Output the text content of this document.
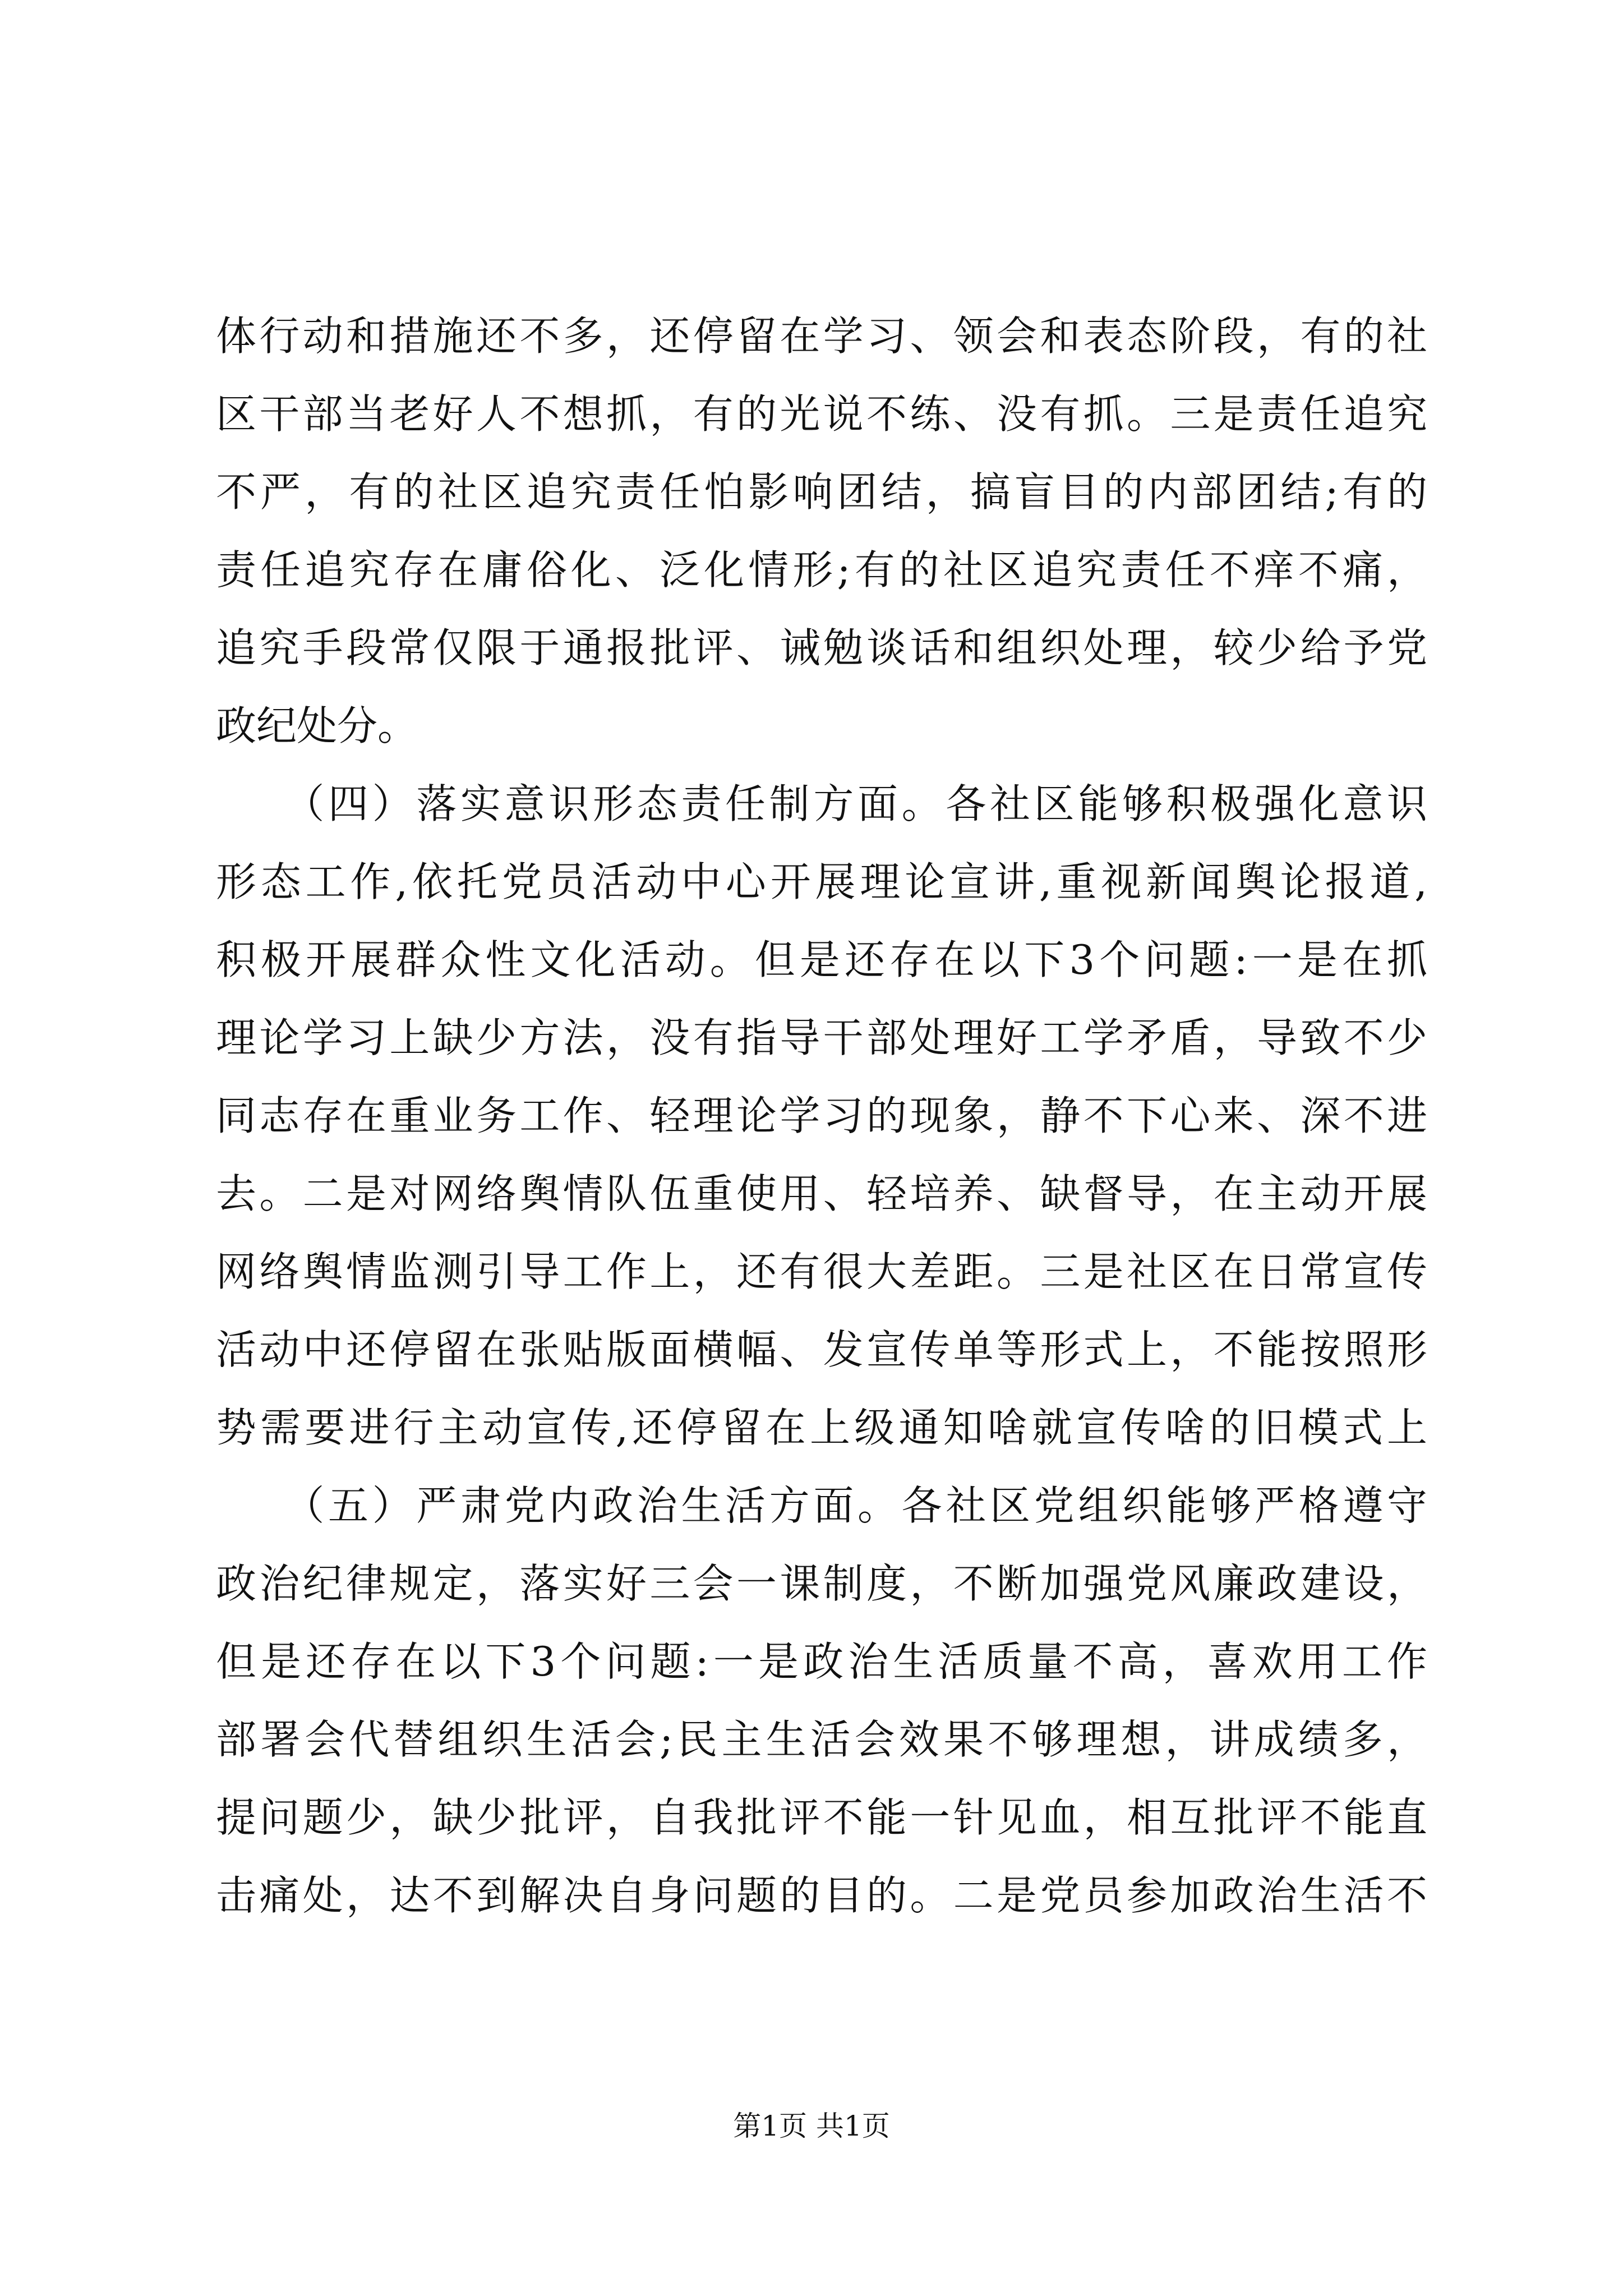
体行动和措施还不多，还停留在学习、领会和表态阶段，有的社
区干部当老好人不想抓，有的光说不练、没有抓。三是责任追究
不严，有的社区追究责任怕影响团结，搞盲目的内部团结;有的
责任追究存在庸俗化、泛化情形;有的社区追究责任不痒不痛，
追究手段常仅限于通报批评、诫勉谈话和组织处理，较少给予党
政纪处分。
　　（四）落实意识形态责任制方面。各社区能够积极强化意识
形态工作,依托党员活动中心开展理论宣讲,重视新闻舆论报道,
积极开展群众性文化活动。但是还存在以下3个问题:一是在抓
理论学习上缺少方法，没有指导干部处理好工学矛盾，导致不少
同志存在重业务工作、轻理论学习的现象，静不下心来、深不进
去。二是对网络舆情队伍重使用、轻培养、缺督导，在主动开展
网络舆情监测引导工作上，还有很大差距。三是社区在日常宣传
活动中还停留在张贴版面横幅、发宣传单等形式上，不能按照形
势需要进行主动宣传,还停留在上级通知啥就宣传啥的旧模式上
　　（五）严肃党内政治生活方面。各社区党组织能够严格遵守
政治纪律规定，落实好三会一课制度，不断加强党风廉政建设，
但是还存在以下3个问题:一是政治生活质量不高，喜欢用工作
部署会代替组织生活会;民主生活会效果不够理想，讲成绩多，
提问题少，缺少批评，自我批评不能一针见血，相互批评不能直
击痛处，达不到解决自身问题的目的。二是党员参加政治生活不
第1页 共1页
